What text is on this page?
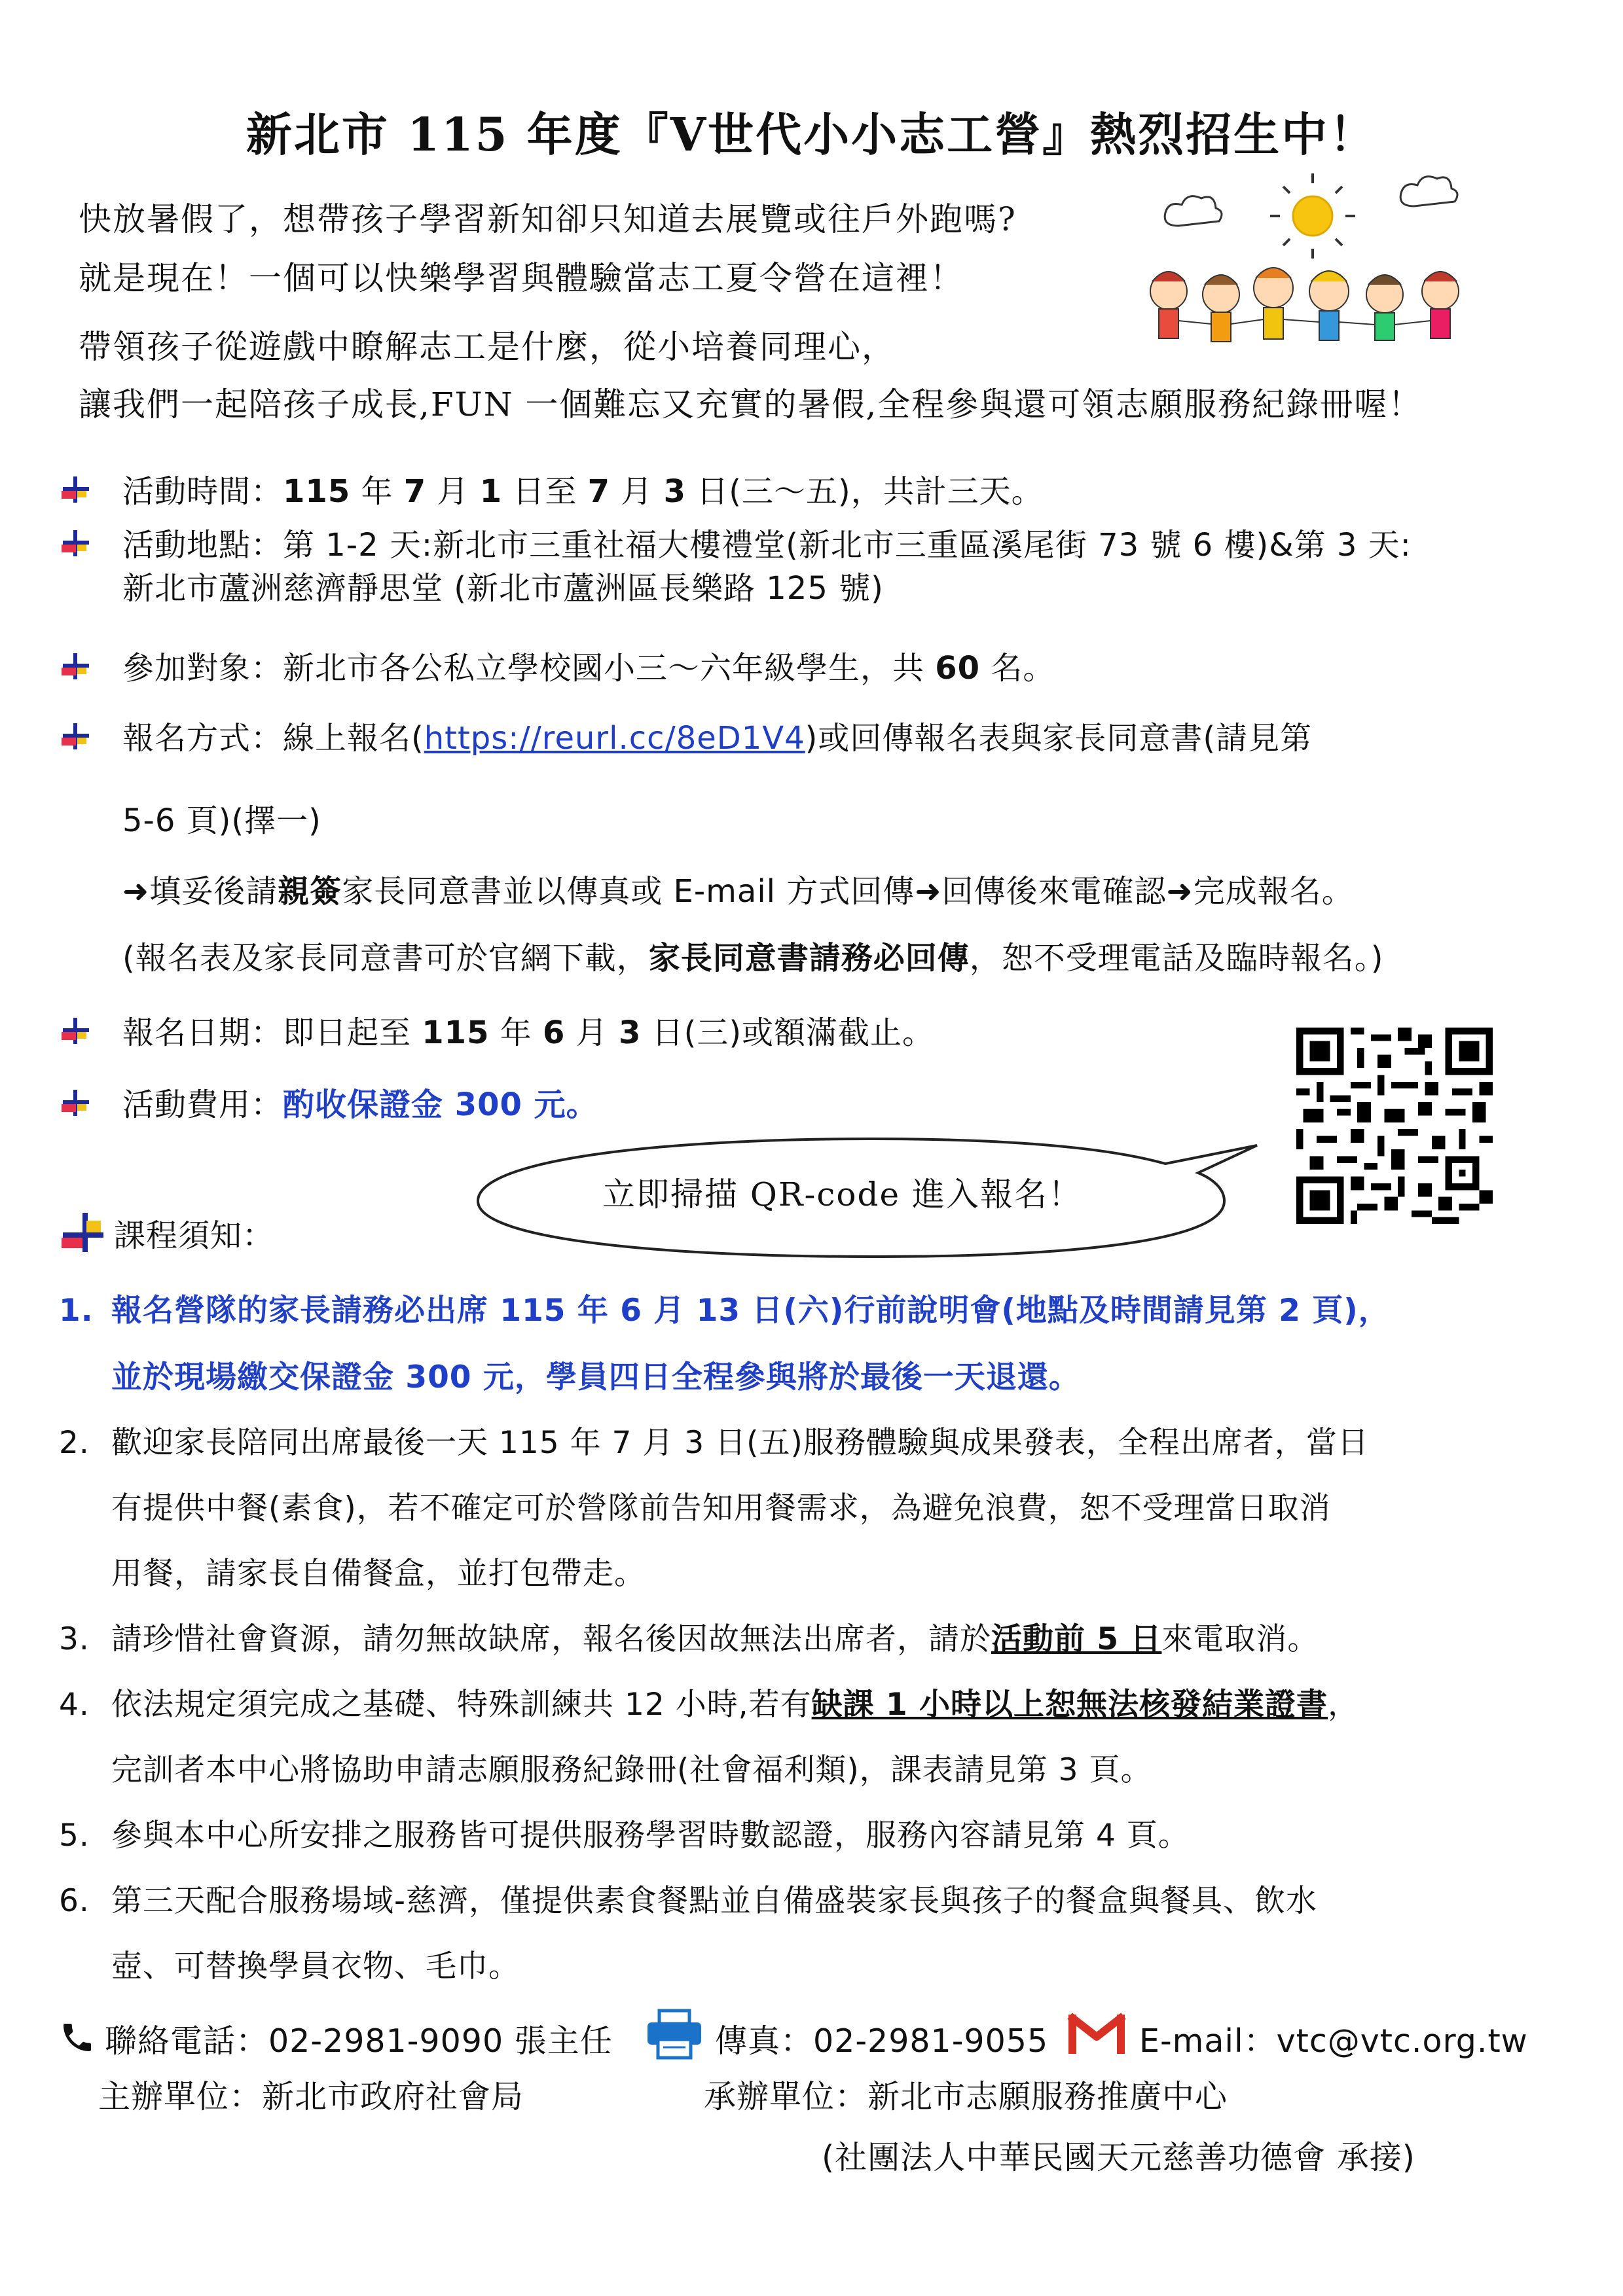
新北市 115 年度『V世代小小志工營』熱烈招生中！
快放暑假了，想帶孩子學習新知卻只知道去展覽或往戶外跑嗎?
就是現在！一個可以快樂學習與體驗當志工夏令營在這裡！
帶領孩子從遊戲中瞭解志工是什麼，從小培養同理心，
讓我們一起陪孩子成長,FUN 一個難忘又充實的暑假,全程參與還可領志願服務紀錄冊喔！
活動時間：115 年 7 月 1 日至 7 月 3 日(三～五)，共計三天。
活動地點：第 1-2 天:新北市三重社福大樓禮堂(新北市三重區溪尾街 73 號 6 樓)&第 3 天:
新北市蘆洲慈濟靜思堂 (新北市蘆洲區長樂路 125 號)
參加對象：新北市各公私立學校國小三～六年級學生，共 60 名。
報名方式：線上報名(https://reurl.cc/8eD1V4)或回傳報名表與家長同意書(請見第
5-6 頁)(擇一)
➜填妥後請親簽家長同意書並以傳真或 E-mail 方式回傳➜回傳後來電確認➜完成報名。
(報名表及家長同意書可於官網下載，家長同意書請務必回傳，恕不受理電話及臨時報名。)
報名日期：即日起至 115 年 6 月 3 日(三)或額滿截止。
活動費用：酌收保證金 300 元。
立即掃描 QR-code 進入報名！
課程須知：
1. 報名營隊的家長請務必出席 115 年 6 月 13 日(六)行前說明會(地點及時間請見第 2 頁)，
並於現場繳交保證金 300 元，學員四日全程參與將於最後一天退還。
2. 歡迎家長陪同出席最後一天 115 年 7 月 3 日(五)服務體驗與成果發表，全程出席者，當日
有提供中餐(素食)，若不確定可於營隊前告知用餐需求，為避免浪費，恕不受理當日取消
用餐，請家長自備餐盒，並打包帶走。
3. 請珍惜社會資源，請勿無故缺席，報名後因故無法出席者，請於活動前 5 日來電取消。
4. 依法規定須完成之基礎、特殊訓練共 12 小時,若有缺課 1 小時以上恕無法核發結業證書，
完訓者本中心將協助申請志願服務紀錄冊(社會福利類)，課表請見第 3 頁。
5. 參與本中心所安排之服務皆可提供服務學習時數認證，服務內容請見第 4 頁。
6. 第三天配合服務場域-慈濟，僅提供素食餐點並自備盛裝家長與孩子的餐盒與餐具、飲水
壺、可替換學員衣物、毛巾。
聯絡電話：02-2981-9090 張主任	傳真：02-2981-9055	E-mail：vtc@vtc.org.tw
主辦單位：新北市政府社會局	承辦單位：新北市志願服務推廣中心
(社團法人中華民國天元慈善功德會 承接)
